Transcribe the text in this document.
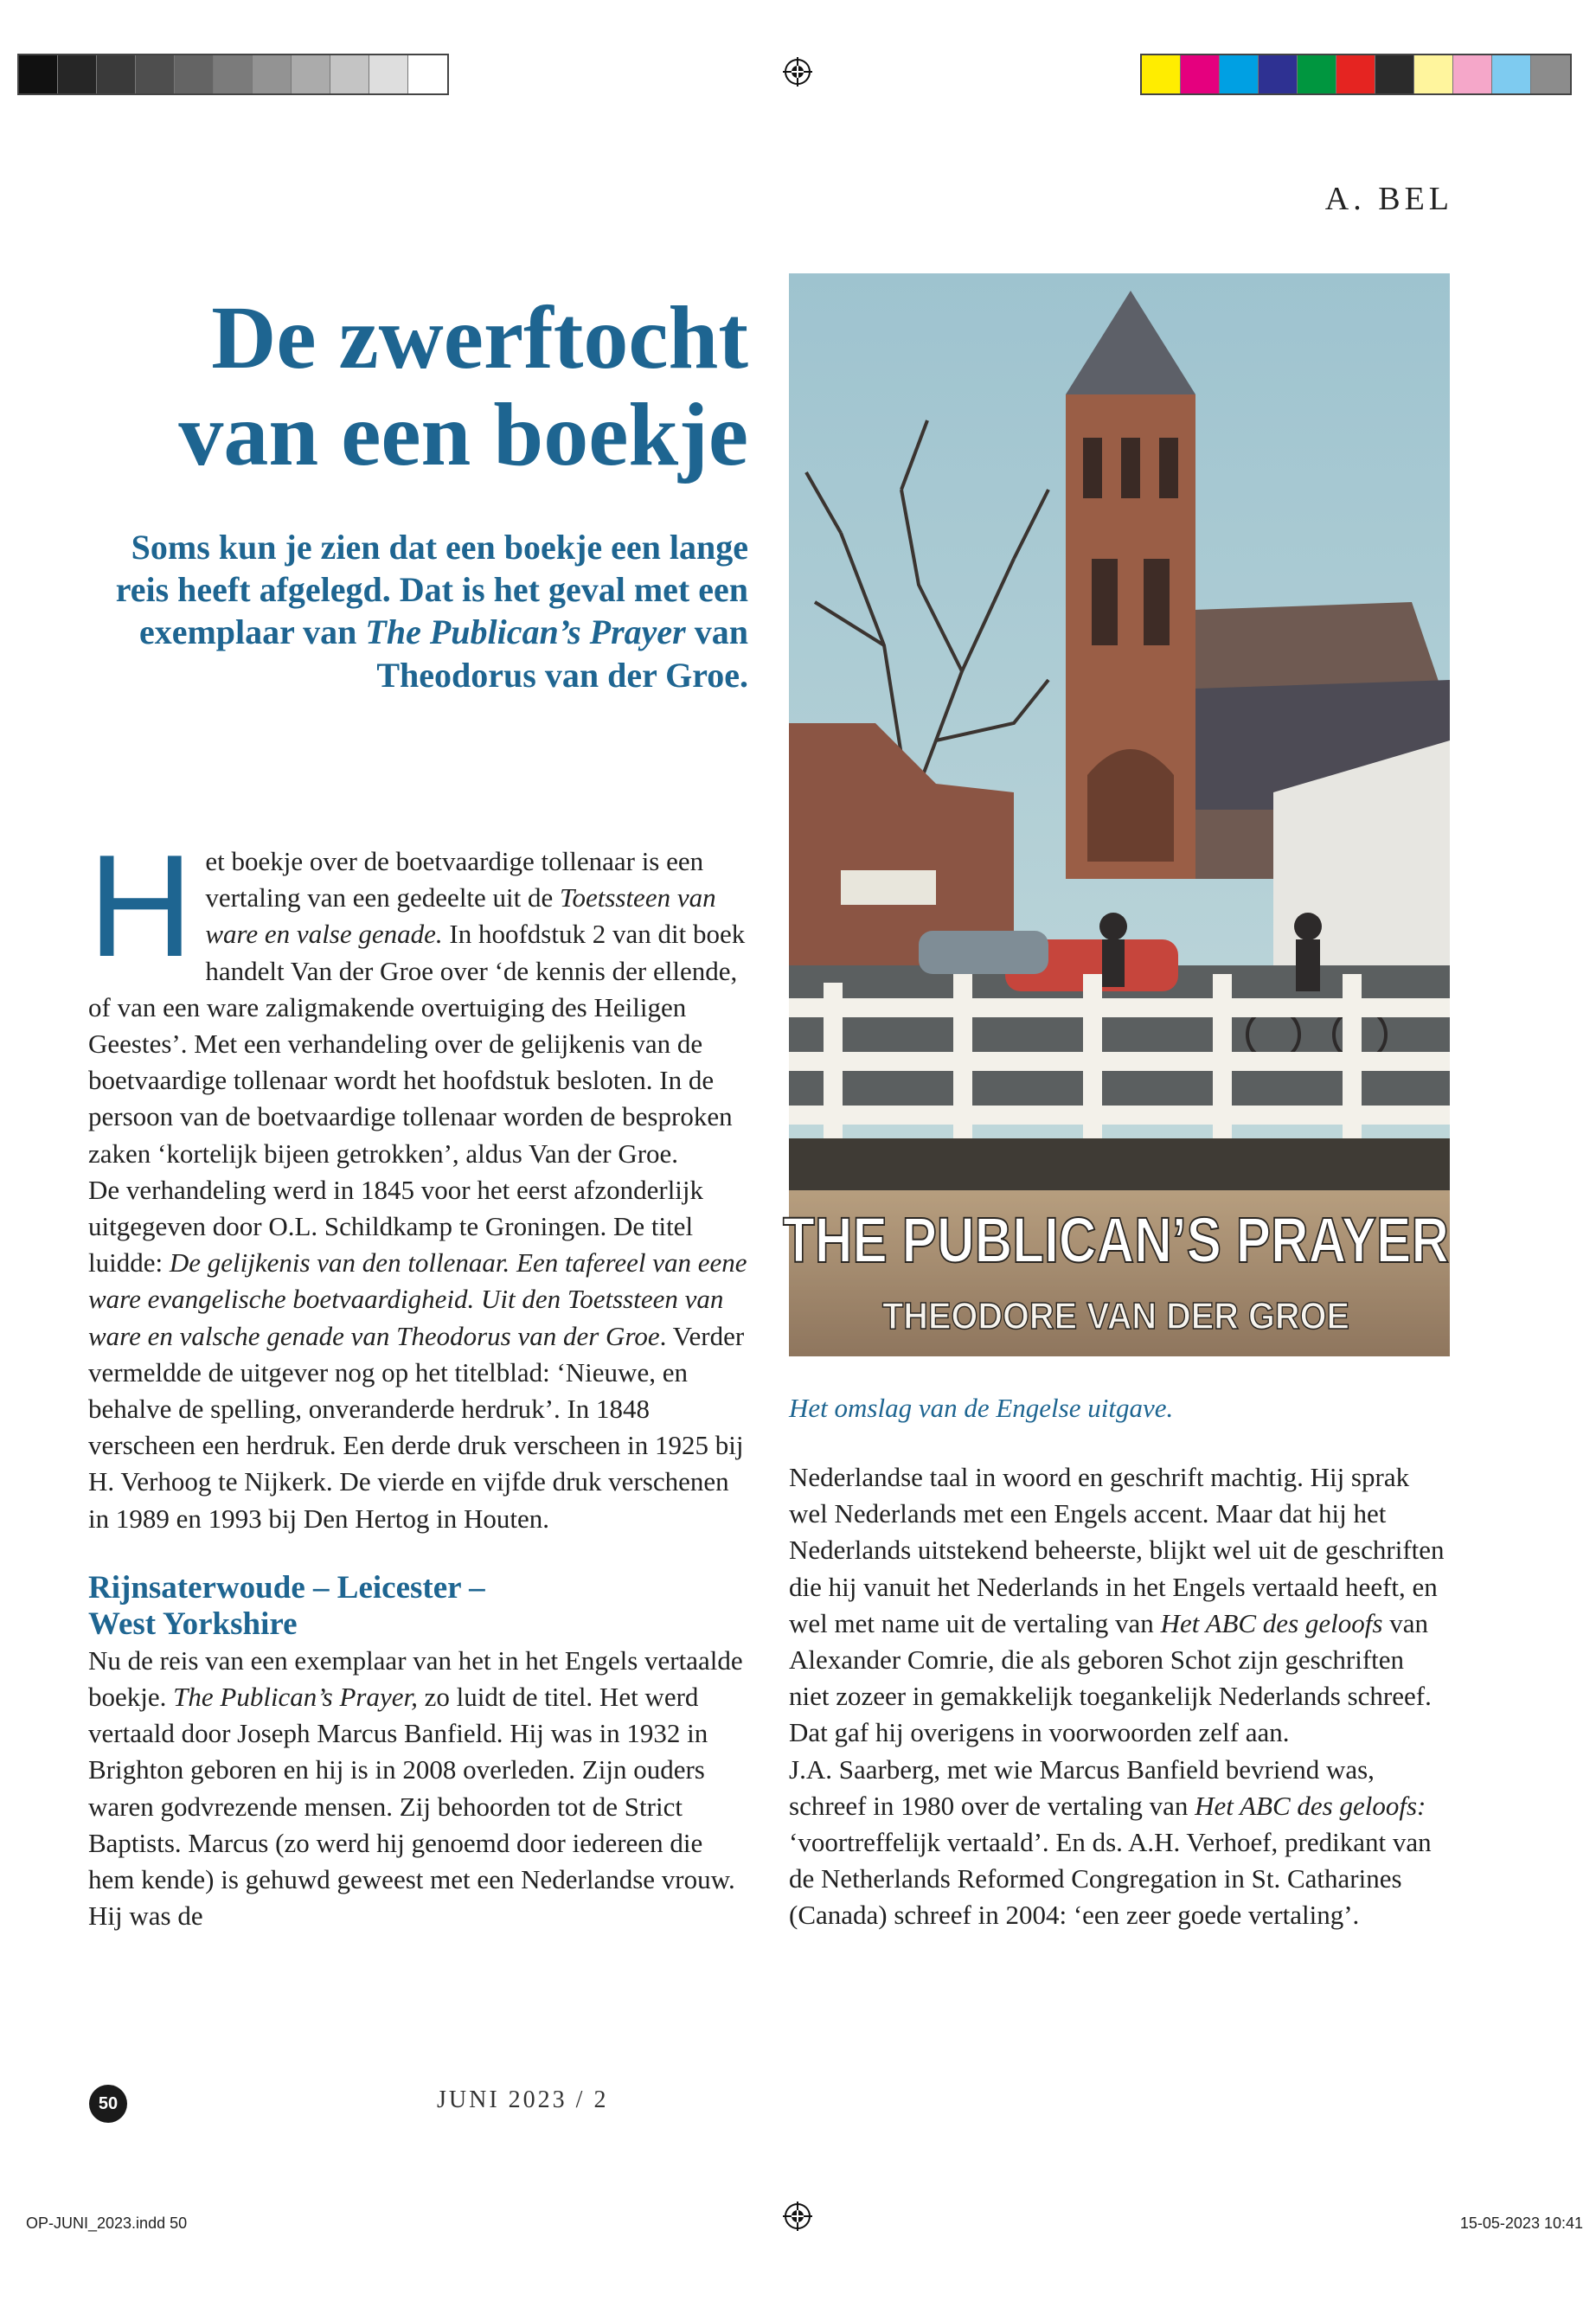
A. BEL
De zwerftocht
van een boekje

Soms kun je zien dat een boekje een lange reis heeft afgelegd. Dat is het geval met een exemplaar van The Publican’s Prayer van Theodorus van der Groe.

Het boekje over de boetvaardige tollenaar is een vertaling van een gedeelte uit de Toetssteen van ware en valse genade. In hoofdstuk 2 van dit boek handelt Van der Groe over ‘de kennis der ellende, of van een ware zaligmakende overtuiging des Heiligen Geestes’. Met een verhandeling over de gelijkenis van de boetvaardige tollenaar wordt het hoofdstuk besloten. In de persoon van de boetvaardige tollenaar worden de besproken zaken ‘kortelijk bijeen getrokken’, aldus Van der Groe.

De verhandeling werd in 1845 voor het eerst afzonderlijk uitgegeven door O.L. Schildkamp te Groningen. De titel luidde: De gelijkenis van den tollenaar. Een tafereel van eene ware evangelische boetvaardigheid. Uit den Toetssteen van ware en valsche genade van Theodorus van der Groe. Verder vermeldde de uitgever nog op het titelblad: ‘Nieuwe, en behalve de spelling, onveranderde herdruk’. In 1848 verscheen een herdruk. Een derde druk verscheen in 1925 bij H. Verhoog te Nijkerk. De vierde en vijfde druk verschenen in 1989 en 1993 bij Den Hertog in Houten.

Rijnsaterwoude – Leicester –
West Yorkshire

Nu de reis van een exemplaar van het in het Engels vertaalde boekje. The Publican’s Prayer, zo luidt de titel. Het werd vertaald door Joseph Marcus Banfield. Hij was in 1932 in Brighton geboren en hij is in 2008 overleden. Zijn ouders waren godvrezende mensen. Zij behoorden tot de Strict Baptists. Marcus (zo werd hij genoemd door iedereen die hem kende) is gehuwd geweest met een Nederlandse vrouw. Hij was de

THE PUBLICAN’S PRAYER
THEODORE VAN DER GROE
Het omslag van de Engelse uitgave.

Nederlandse taal in woord en geschrift machtig. Hij sprak wel Nederlands met een Engels accent. Maar dat hij het Nederlands uitstekend beheerste, blijkt wel uit de geschriften die hij vanuit het Nederlands in het Engels vertaald heeft, en wel met name uit de vertaling van Het ABC des geloofs van Alexander Comrie, die als geboren Schot zijn geschriften niet zozeer in gemakkelijk toegankelijk Nederlands schreef. Dat gaf hij overigens in voorwoorden zelf aan.

J.A. Saarberg, met wie Marcus Banfield bevriend was, schreef in 1980 over de vertaling van Het ABC des geloofs: ‘voortreffelijk vertaald’. En ds. A.H. Verhoef, predikant van de Netherlands Reformed Congregation in St. Catharines (Canada) schreef in 2004: ‘een zeer goede vertaling’.

50	JUNI 2023 / 2
OP-JUNI_2023.indd 50	15-05-2023 10:41
